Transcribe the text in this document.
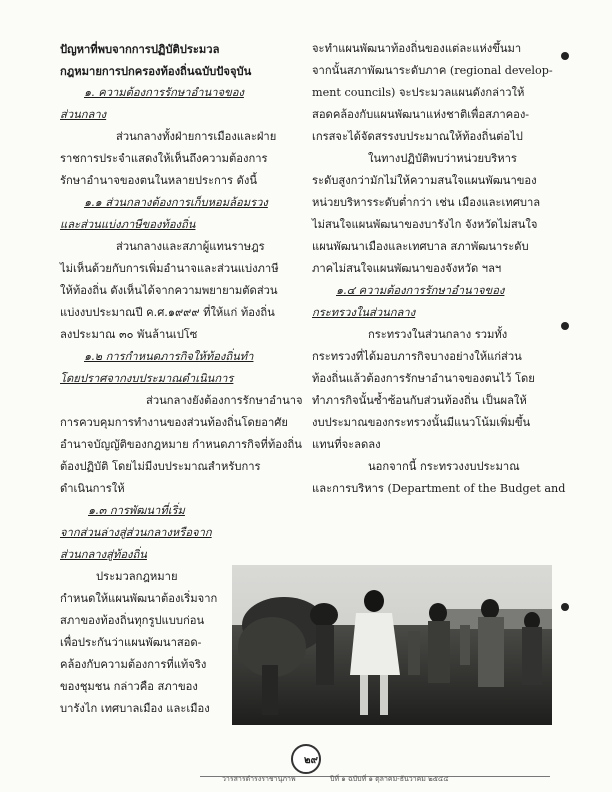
ปัญหาที่พบจากการปฏิบัติประมวล

กฎหมายการปกครองท้องถิ่นฉบับปัจจุบัน

๑. ความต้องการรักษาอำนาจของ

ส่วนกลาง

ส่วนกลางทั้งฝ่ายการเมืองและฝ่าย

ราชการประจำแสดงให้เห็นถึงความต้องการ

รักษาอำนาจของตนในหลายประการ ดังนี้

๑.๑ ส่วนกลางต้องการเก็บหอมล้อมรวง

และส่วนแบ่งภาษีของท้องถิ่น

ส่วนกลางและสภาผู้แทนราษฎร

ไม่เห็นด้วยกับการเพิ่มอำนาจและส่วนแบ่งภาษี

ให้ท้องถิ่น ดังเห็นได้จากความพยายามตัดส่วน

แบ่งงบประมาณปี ค.ศ.๑๙๙๙ ที่ให้แก่ ท้องถิ่น

ลงประมาณ ๓๐ พันล้านเปโซ

๑.๒ การกำหนดภารกิจให้ท้องถิ่นทำ

โดยปราศจากงบประมาณดำเนินการ

ส่วนกลางยังต้องการรักษาอำนาจ

การควบคุมการทำงานของส่วนท้องถิ่นโดยอาศัย

อำนาจบัญญัติของกฎหมาย กำหนดภารกิจที่ท้องถิ่น

ต้องปฏิบัติ โดยไม่มีงบประมาณสำหรับการ

ดำเนินการให้

๑.๓ การพัฒนาที่เริ่ม

จากส่วนล่างสู่ส่วนกลางหรือจาก

ส่วนกลางสู่ท้องถิ่น

ประมวลกฎหมาย

กำหนดให้แผนพัฒนาต้องเริ่มจาก

สภาของท้องถิ่นทุกรูปแบบก่อน

เพื่อประกันว่าแผนพัฒนาสอด-

คล้องกับความต้องการที่แท้จริง

ของชุมชน กล่าวคือ สภาของ

บารังไก เทศบาลเมือง และเมือง

จะทำแผนพัฒนาท้องถิ่นของแต่ละแห่งขึ้นมา

จากนั้นสภาพัฒนาระดับภาค (regional develop-

ment councils) จะประมวลแผนดังกล่าวให้

สอดคล้องกับแผนพัฒนาแห่งชาติเพื่อสภาคอง-

เกรสจะได้จัดสรรงบประมาณให้ท้องถิ่นต่อไป

ในทางปฏิบัติพบว่าหน่วยบริหาร

ระดับสูงกว่ามักไม่ให้ความสนใจแผนพัฒนาของ

หน่วยบริหารระดับต่ำกว่า เช่น เมืองและเทศบาล

ไม่สนใจแผนพัฒนาของบารังไก จังหวัดไม่สนใจ

แผนพัฒนาเมืองและเทศบาล สภาพัฒนาระดับ

ภาคไม่สนใจแผนพัฒนาของจังหวัด ฯลฯ

๑.๔ ความต้องการรักษาอำนาจของ

กระทรวงในส่วนกลาง

กระทรวงในส่วนกลาง รวมทั้ง

กระทรวงที่ได้มอบภารกิจบางอย่างให้แก่ส่วน

ท้องถิ่นแล้วต้องการรักษาอำนาจของตนไว้ โดย

ทำภารกิจนั้นซ้ำซ้อนกับส่วนท้องถิ่น เป็นผลให้

งบประมาณของกระทรวงนั้นมีแนวโน้มเพิ่มขึ้น

แทนที่จะลดลง

นอกจากนี้ กระทรวงงบประมาณ

และการบริหาร (Department of the Budget and

๒๙
วารสารดำรงราชานุภาพ	ปีที่ ๑ ฉบับที่ ๑ ตุลาคม-ธันวาคม ๒๕๔๔
